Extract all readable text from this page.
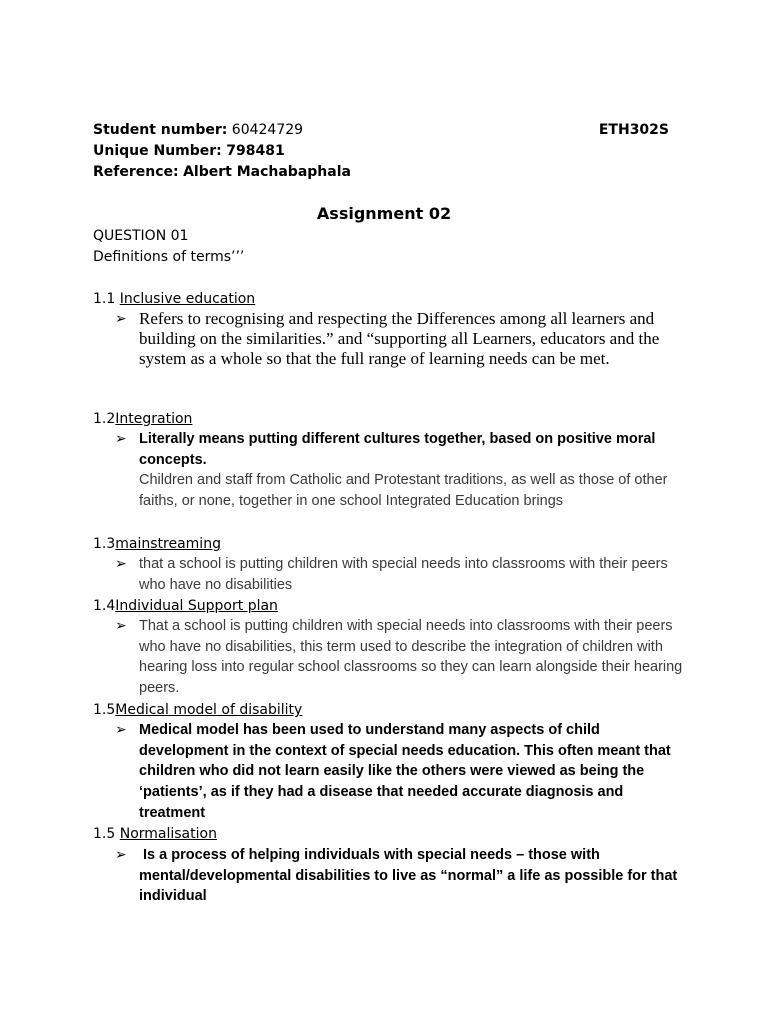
Student number: 60424729	ETH302S
Unique Number: 798481
Reference: Albert Machabaphala
Assignment 02
QUESTION 01
Definitions of terms’’’
1.1 Inclusive education
➢ Refers to recognising and respecting the Differences among all learners and building on the similarities.” and “supporting all Learners, educators and the system as a whole so that the full range of learning needs can be met.
1.2Integration
➢ Literally means putting different cultures together, based on positive moral concepts.
Children and staff from Catholic and Protestant traditions, as well as those of other faiths, or none, together in one school Integrated Education brings
1.3mainstreaming
➢ that a school is putting children with special needs into classrooms with their peers who have no disabilities
1.4Individual Support plan
➢ That a school is putting children with special needs into classrooms with their peers who have no disabilities, this term used to describe the integration of children with hearing loss into regular school classrooms so they can learn alongside their hearing peers.
1.5Medical model of disability
➢ Medical model has been used to understand many aspects of child development in the context of special needs education. This often meant that children who did not learn easily like the others were viewed as being the ‘patients’, as if they had a disease that needed accurate diagnosis and treatment
1.5 Normalisation
➢ Is a process of helping individuals with special needs – those with mental/developmental disabilities to live as “normal” a life as possible for that individual
